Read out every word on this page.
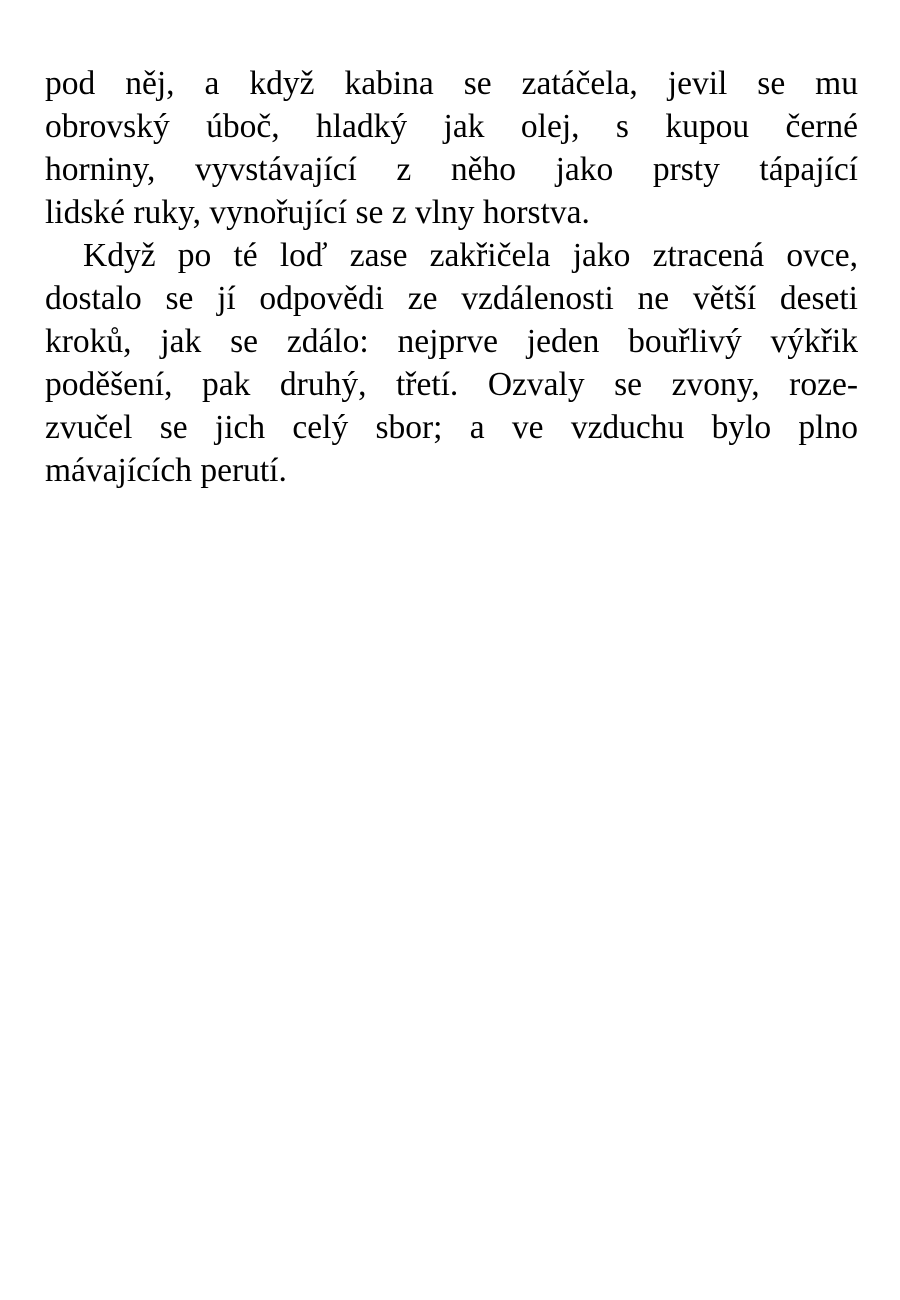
pod něj, a když kabina se zatáčela, jevil se mu
obrovský úboč, hladký jak olej, s kupou černé
horniny, vyvstávající z něho jako prsty tápající
lidské ruky, vynořující se z vlny horstva.
Když po té loď zase zakřičela jako ztracená ovce,
dostalo se jí odpovědi ze vzdálenosti ne větší deseti
kroků, jak se zdálo: nejprve jeden bouřlivý výkřik
poděšení, pak druhý, třetí. Ozvaly se zvony, roze-
zvučel se jich celý sbor; a ve vzduchu bylo plno
mávajících perutí.
